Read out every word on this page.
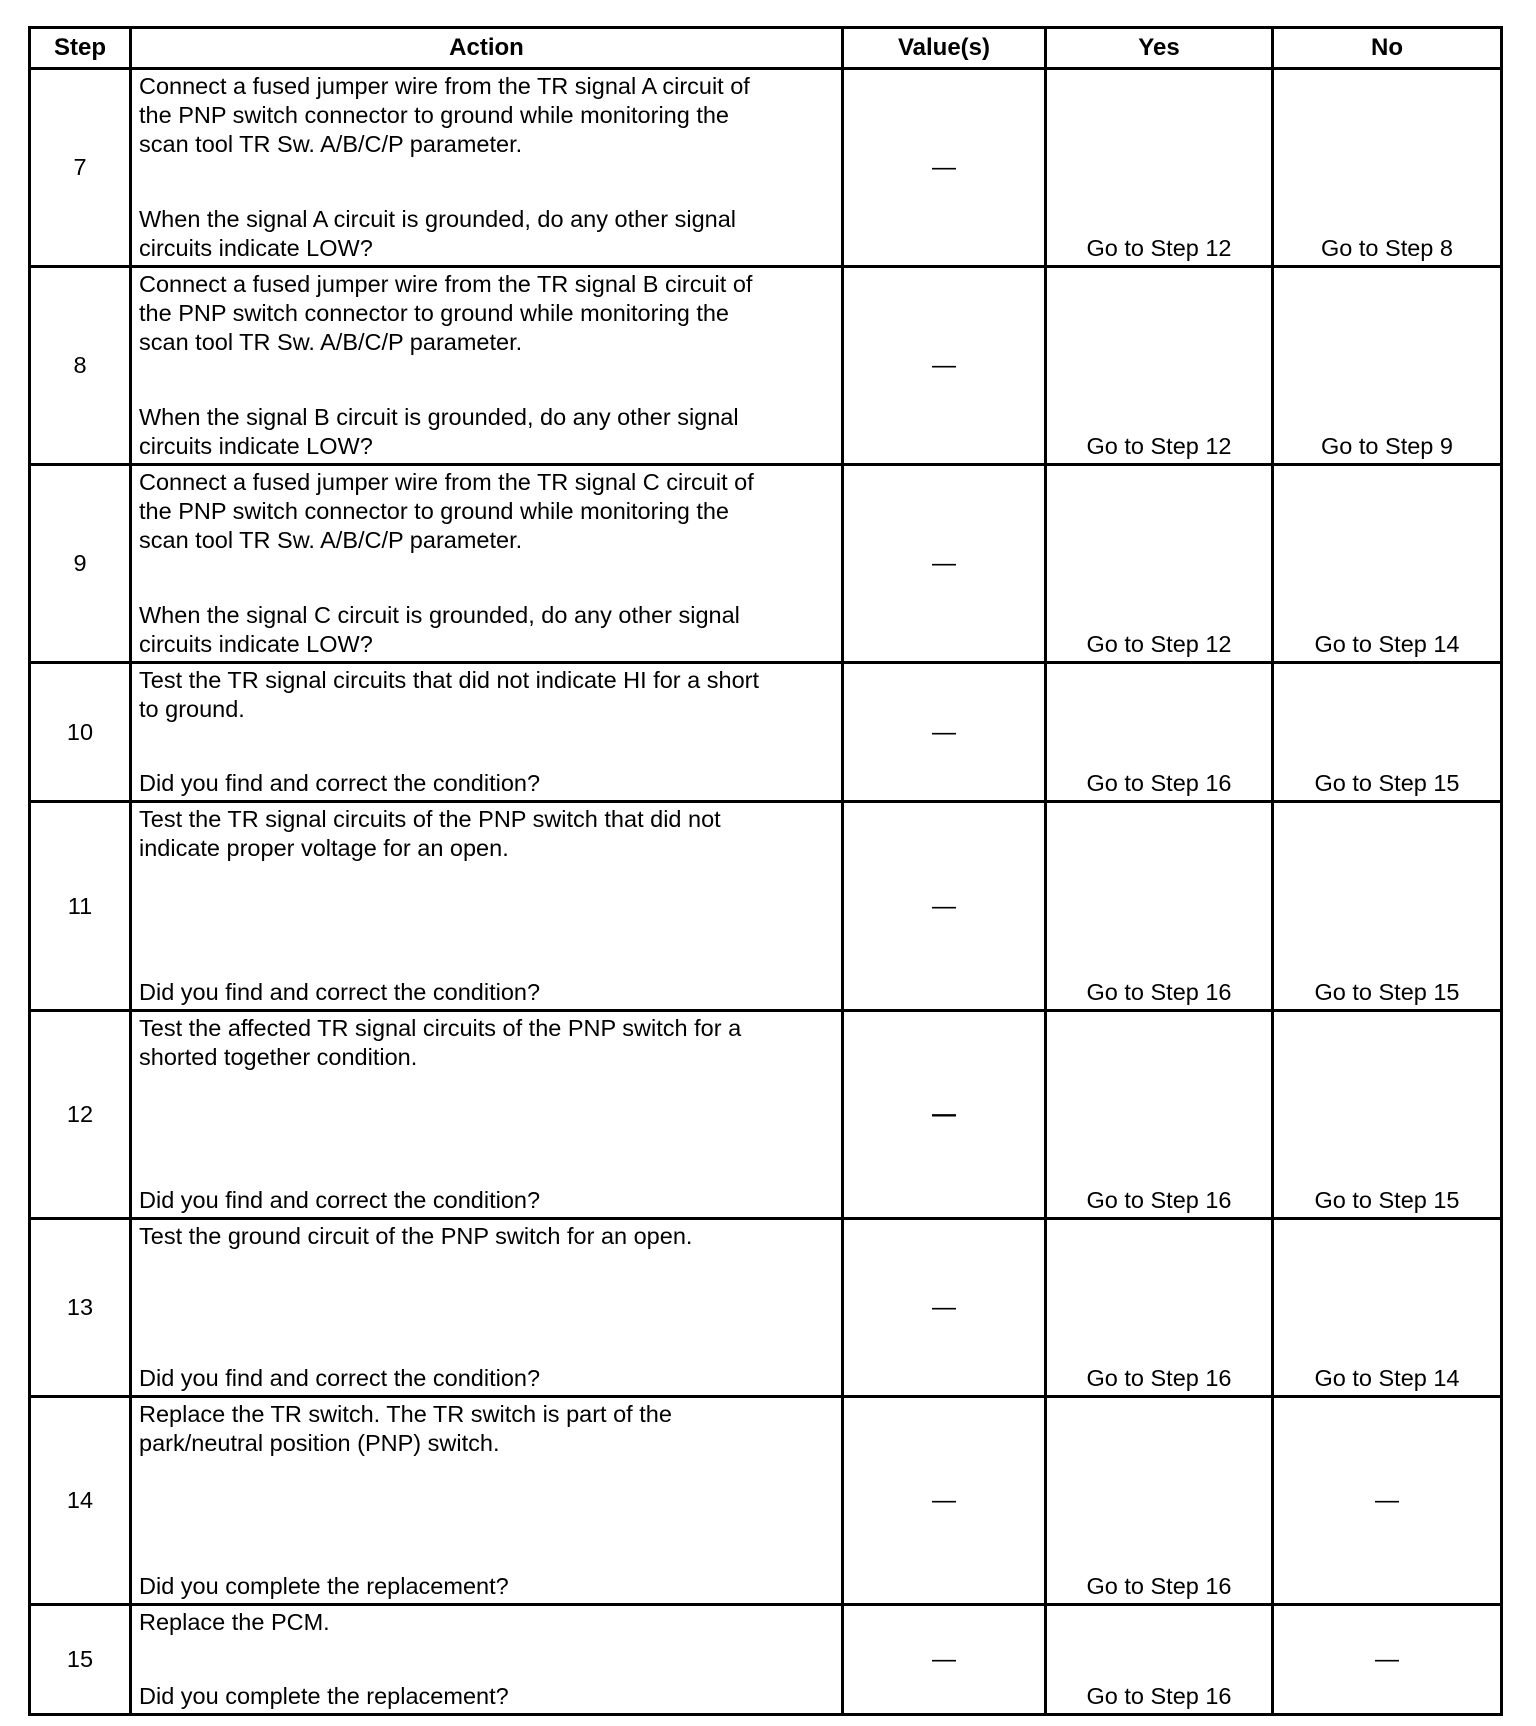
Step	Action	Value(s)	Yes	No
7	Connect a fused jumper wire from the TR signal A circuit of
the PNP switch connector to ground while monitoring the
scan tool TR Sw. A/B/C/P parameter.
When the signal A circuit is grounded, do any other signal
circuits indicate LOW?	—	Go to Step 12	Go to Step 8

8	Connect a fused jumper wire from the TR signal B circuit of
the PNP switch connector to ground while monitoring the
scan tool TR Sw. A/B/C/P parameter.
When the signal B circuit is grounded, do any other signal
circuits indicate LOW?	—	Go to Step 12	Go to Step 9

9	Connect a fused jumper wire from the TR signal C circuit of
the PNP switch connector to ground while monitoring the
scan tool TR Sw. A/B/C/P parameter.
When the signal C circuit is grounded, do any other signal
circuits indicate LOW?	—	Go to Step 12	Go to Step 14

10	Test the TR signal circuits that did not indicate HI for a short
to ground.
Did you find and correct the condition?	—	Go to Step 16	Go to Step 15

11	Test the TR signal circuits of the PNP switch that did not
indicate proper voltage for an open.
Did you find and correct the condition?	—	Go to Step 16	Go to Step 15

12	Test the affected TR signal circuits of the PNP switch for a
shorted together condition.
Did you find and correct the condition?	—	Go to Step 16	Go to Step 15

13	Test the ground circuit of the PNP switch for an open.
Did you find and correct the condition?	—	Go to Step 16	Go to Step 14

14	Replace the TR switch. The TR switch is part of the
park/neutral position (PNP) switch.
Did you complete the replacement?	—	Go to Step 16	—
15	Replace the PCM.
Did you complete the replacement?	—	Go to Step 16	—
